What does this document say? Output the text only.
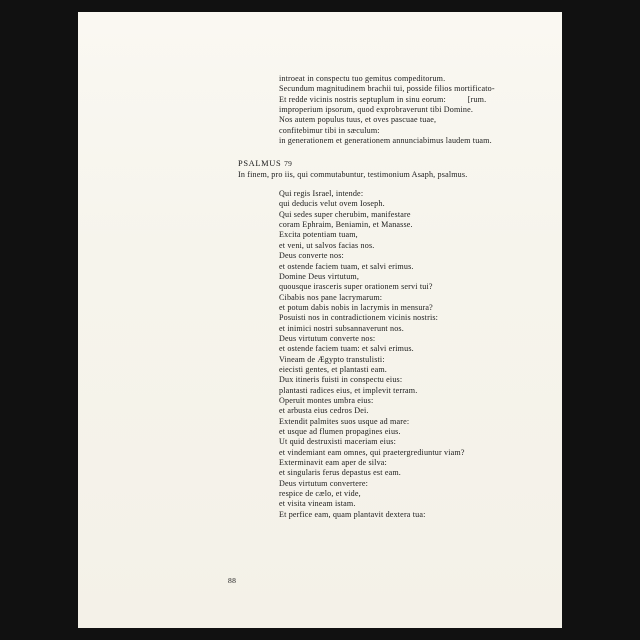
introeat in conspectu tuo gemitus compeditorum.
Secundum magnitudinem brachii tui, posside filios mortificato-
Et redde vicinis nostris septuplum in sinu eorum:          [rum.
improperium ipsorum, quod exprobraverunt tibi Domine.
Nos autem populus tuus, et oves pascuae tuae,
confitebimur tibi in sæculum:
in generationem et generationem annunciabimus laudem tuam.
PSALMUS 79
In finem, pro iis, qui commutabuntur, testimonium Asaph, psalmus.
Qui regis Israel, intende:
qui deducis velut ovem Ioseph.
Qui sedes super cherubim, manifestare
coram Ephraim, Beniamin, et Manasse.
Excita potentiam tuam,
et veni, ut salvos facias nos.
Deus converte nos:
et ostende faciem tuam, et salvi erimus.
Domine Deus virtutum,
quousque irasceris super orationem servi tui?
Cibabis nos pane lacrymarum:
et potum dabis nobis in lacrymis in mensura?
Posuisti nos in contradictionem vicinis nostris:
et inimici nostri subsannaverunt nos.
Deus virtutum converte nos:
et ostende faciem tuam: et salvi erimus.
Vineam de Ægypto transtulisti:
eiecisti gentes, et plantasti eam.
Dux itineris fuisti in conspectu eius:
plantasti radices eius, et implevit terram.
Operuit montes umbra eius:
et arbusta eius cedros Dei.
Extendit palmites suos usque ad mare:
et usque ad flumen propagines eius.
Ut quid destruxisti maceriam eius:
et vindemiant eam omnes, qui praetergrediuntur viam?
Exterminavit eam aper de silva:
et singularis ferus depastus est eam.
Deus virtutum convertere:
respice de cælo, et vide,
et visita vineam istam.
Et perfice eam, quam plantavit dextera tua:
88
